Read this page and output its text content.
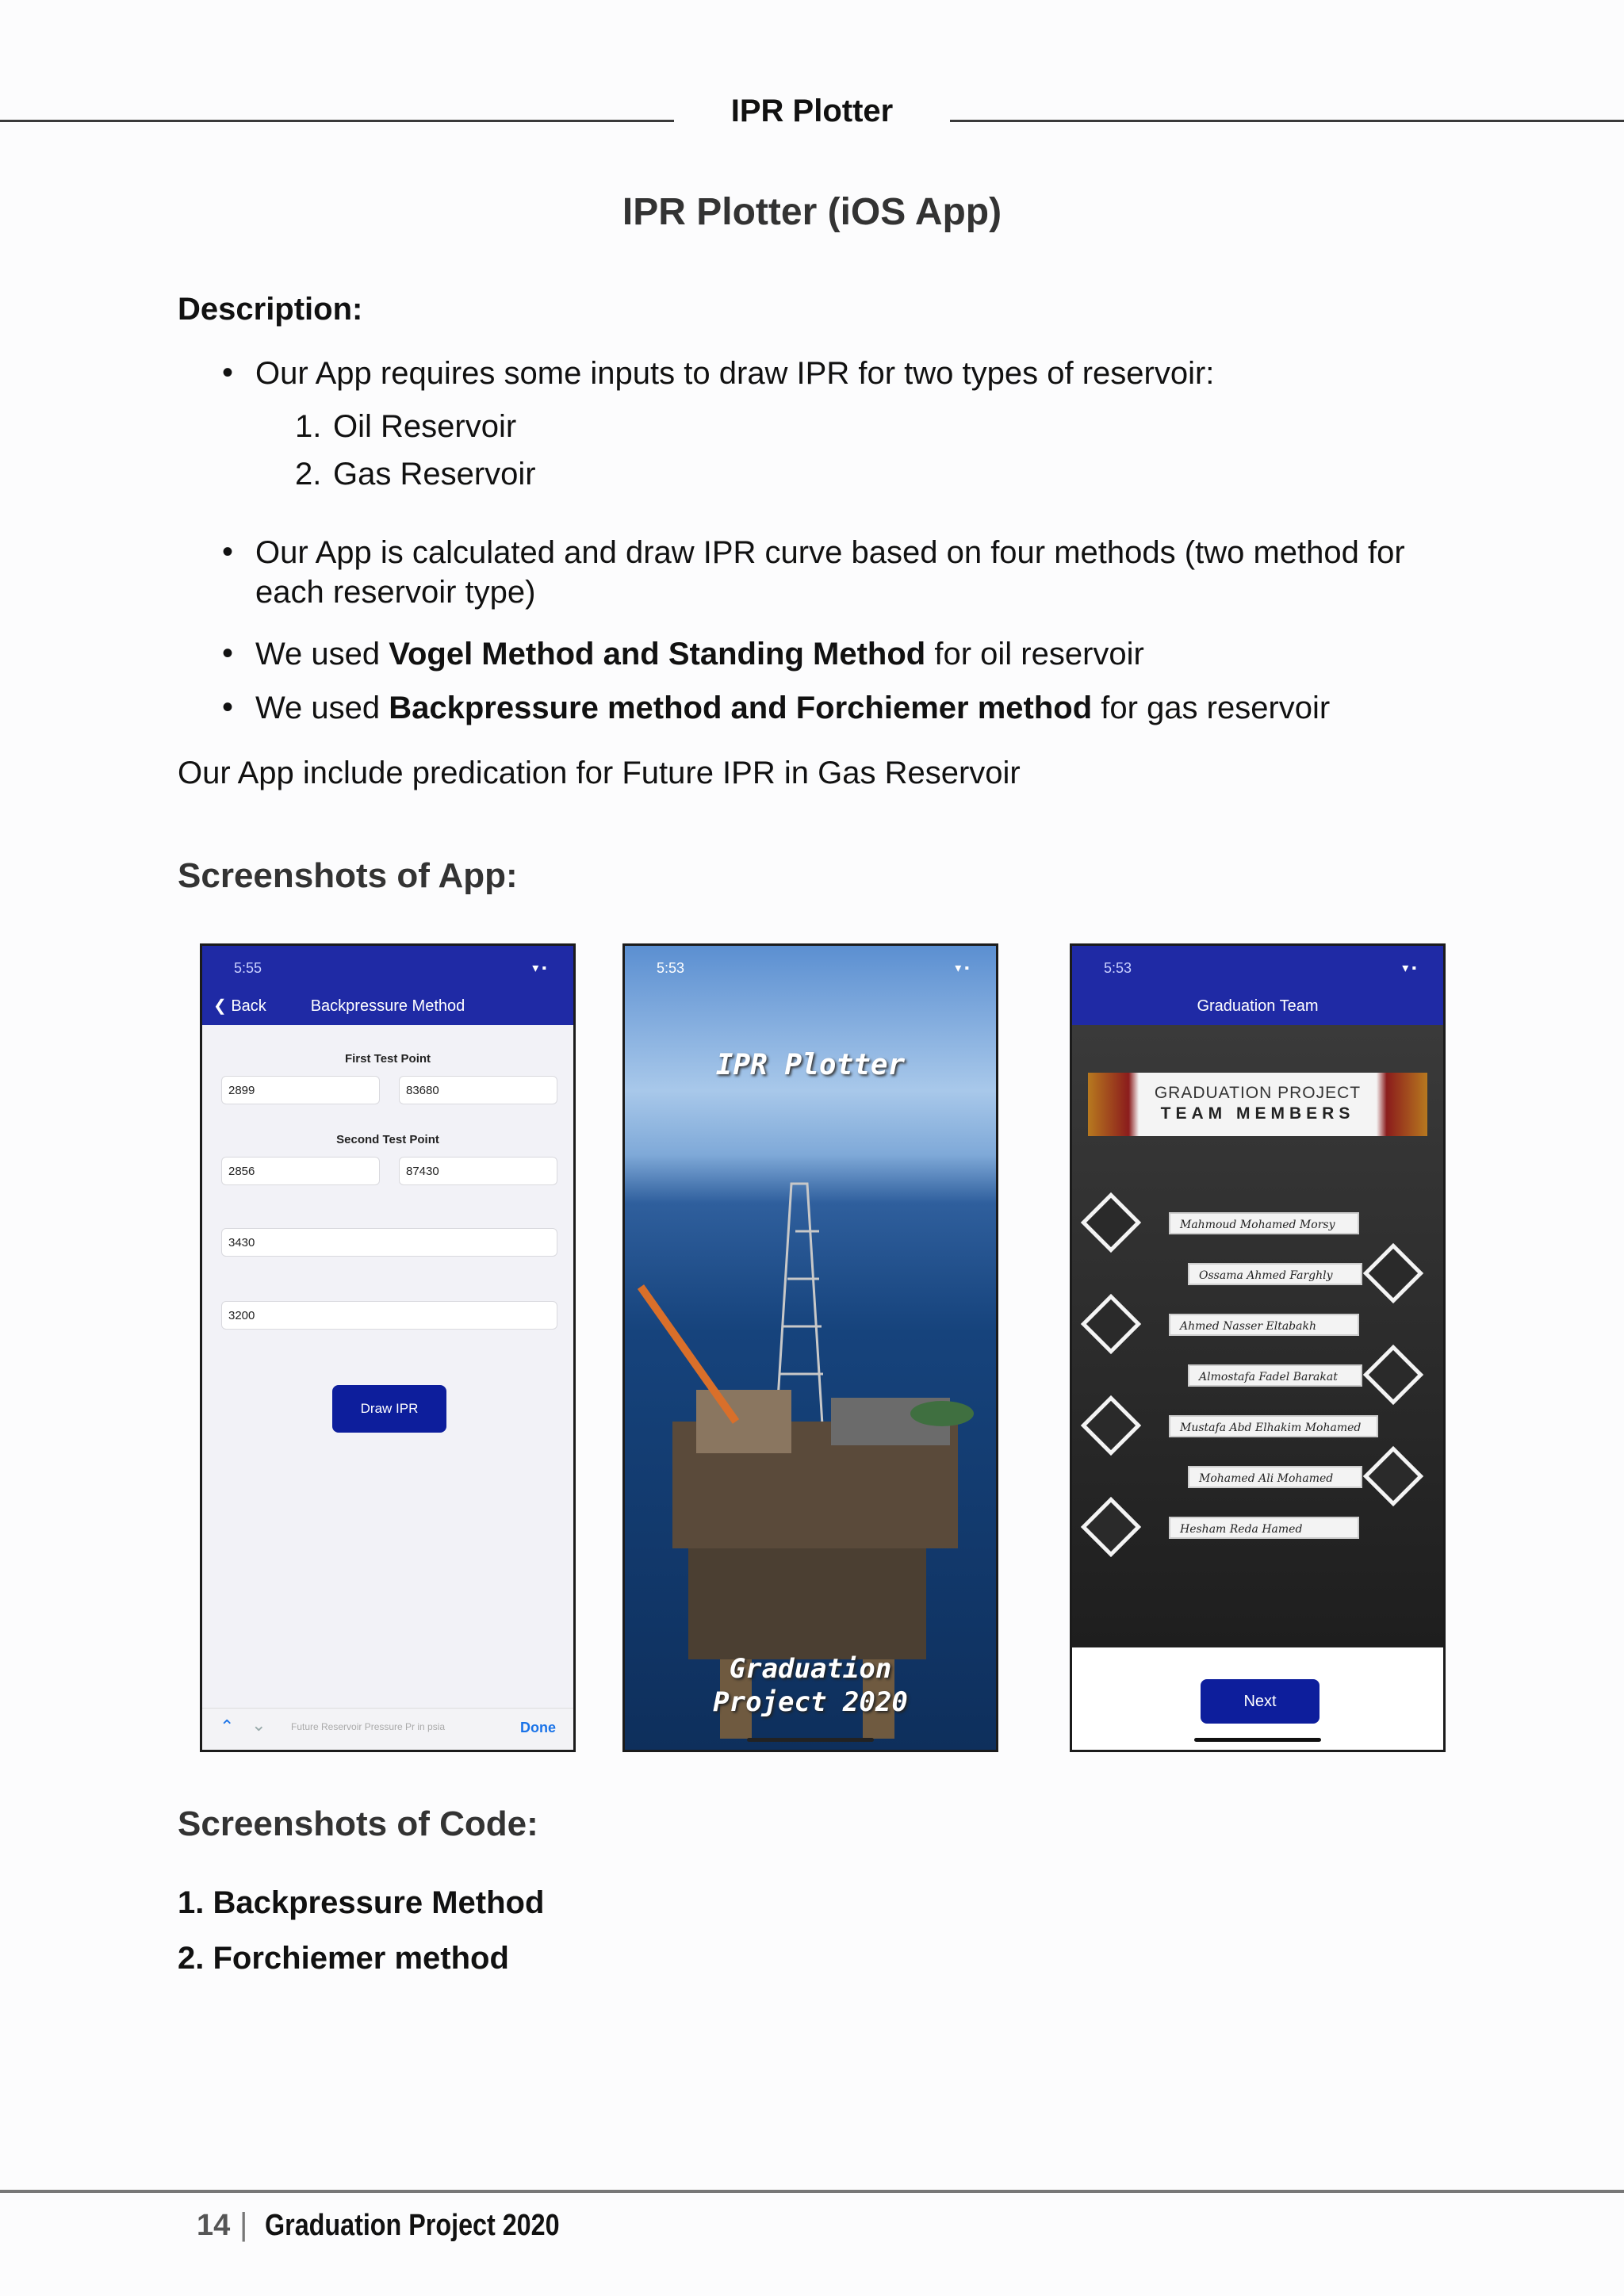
IPR Plotter
IPR Plotter (iOS App)
Description:
• Our App requires some inputs to draw IPR for two types of reservoir:
1. Oil Reservoir
2. Gas Reservoir
• Our App is calculated and draw IPR curve based on four methods (two method for
each reservoir type)
• We used Vogel Method and Standing Method for oil reservoir
• We used Backpressure method and Forchiemer method for gas reservoir
Our App include predication for Future IPR in Gas Reservoir
Screenshots of App:
5:55	▾▪
❮ Back	Backpressure Method
First Test Point
2899	83680
Second Test Point
2856	87430
3430
3200
Draw IPR
⌃ ⌃	Future Reservoir Pressure Pr in psia	Done
5:53	▾▪
IPR Plotter
Graduation
Project 2020
5:53	▾▪
Graduation Team
GRADUATION PROJECT
TEAM MEMBERS
Mahmoud Mohamed Morsy
Ossama Ahmed Farghly
Ahmed Nasser Eltabakh
Almostafa Fadel Barakat
Mustafa Abd Elhakim Mohamed
Mohamed Ali Mohamed
Hesham Reda Hamed
Next
Screenshots of Code:
1. Backpressure Method
2. Forchiemer method
14 | Graduation Project 2020
